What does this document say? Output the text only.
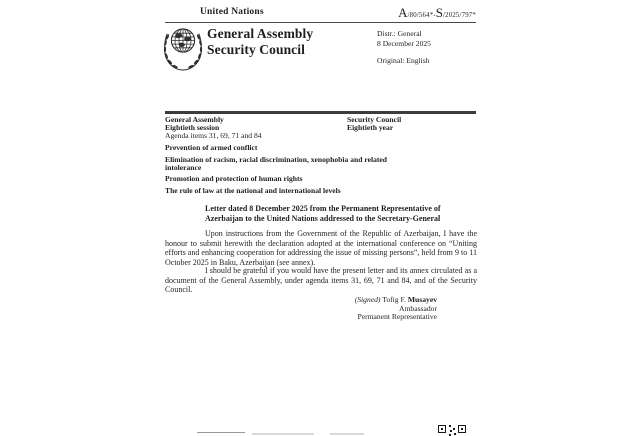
United Nations	A/80/564*-S/2025/797*
General Assembly
Security Council
Distr.: General
8 December 2025
Original: English
General Assembly
Eightieth session
Agenda items 31, 69, 71 and 84
Security Council
Eightieth year
Prevention of armed conflict
Elimination of racism, racial discrimination, xenophobia and related intolerance
Promotion and protection of human rights
The rule of law at the national and international levels
Letter dated 8 December 2025 from the Permanent Representative of
Azerbaijan to the United Nations addressed to the Secretary-General
Upon instructions from the Government of the Republic of Azerbaijan, I have the honour to submit herewith the declaration adopted at the international conference on “Uniting efforts and enhancing cooperation for addressing the issue of missing persons”, held from 9 to 11 October 2025 in Baku, Azerbaijan (see annex).
I should be grateful if you would have the present letter and its annex circulated as a document of the General Assembly, under agenda items 31, 69, 71 and 84, and of the Security Council.
(Signed) Tofig F. Musayev
Ambassador
Permanent Representative
